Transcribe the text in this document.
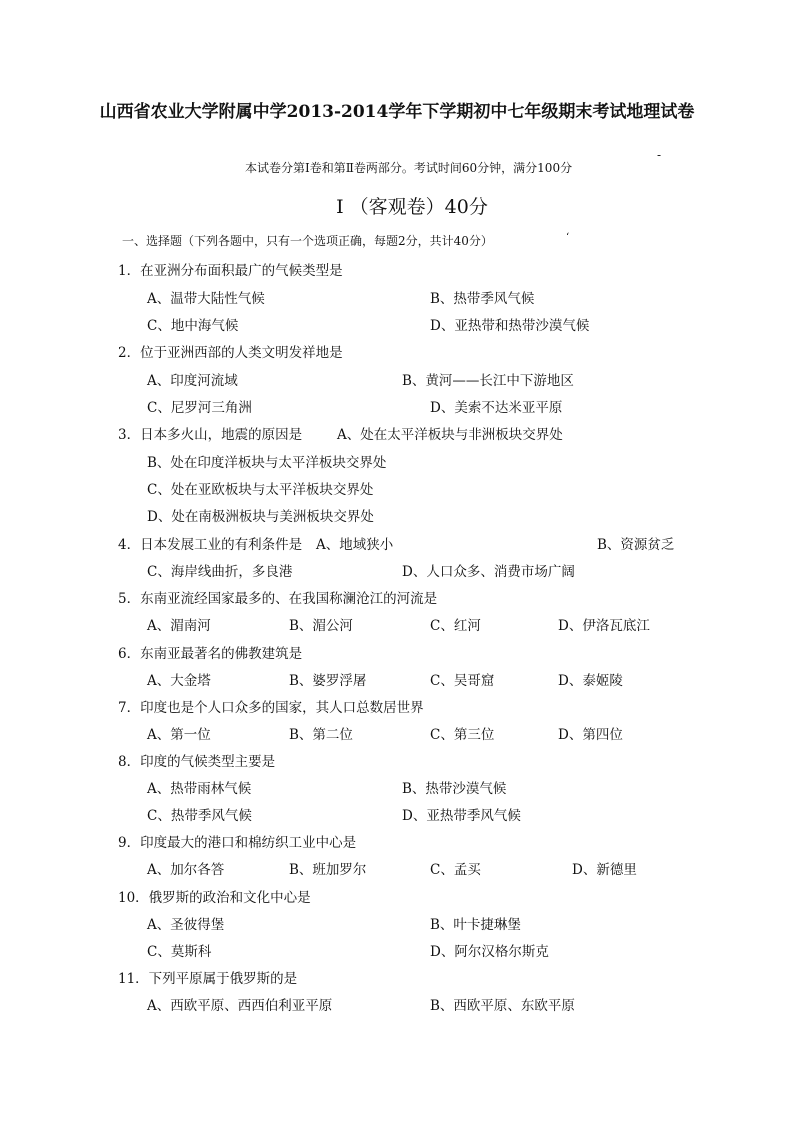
山西省农业大学附属中学2013-2014学年下学期初中七年级期末考试地理试卷
-
本试卷分第Ⅰ卷和第Ⅱ卷两部分。考试时间60分钟，满分100分
Ⅰ （客观卷）40分
一、选择题（下列各题中，只有一个选项正确，每题2分，共计40分）	‘
1．在亚洲分布面积最广的气候类型是
A、温带大陆性气候	B、热带季风气候
C、地中海气候	D、亚热带和热带沙漠气候
2．位于亚洲西部的人类文明发祥地是
A、印度河流域	B、黄河——长江中下游地区
C、尼罗河三角洲	D、美索不达米亚平原
3．日本多火山，地震的原因是	A、处在太平洋板块与非洲板块交界处
B、处在印度洋板块与太平洋板块交界处
C、处在亚欧板块与太平洋板块交界处
D、处在南极洲板块与美洲板块交界处
4．日本发展工业的有利条件是 A、地域狭小	B、资源贫乏
C、海岸线曲折，多良港	D、人口众多、消费市场广阔
5．东南亚流经国家最多的、在我国称澜沧江的河流是
A、湄南河	B、湄公河	C、红河	D、伊洛瓦底江
6．东南亚最著名的佛教建筑是
A、大金塔	B、婆罗浮屠	C、吴哥窟	D、泰姬陵
7．印度也是个人口众多的国家，其人口总数居世界
A、第一位	B、第二位	C、第三位	D、第四位
8．印度的气候类型主要是
A、热带雨林气候	B、热带沙漠气候
C、热带季风气候	D、亚热带季风气候
9．印度最大的港口和棉纺织工业中心是
A、加尔各答	B、班加罗尔	C、孟买	D、新德里
10．俄罗斯的政治和文化中心是
A、圣彼得堡	B、叶卡捷琳堡
C、莫斯科	D、阿尔汉格尔斯克
11．下列平原属于俄罗斯的是
A、西欧平原、西西伯利亚平原	B、西欧平原、东欧平原
